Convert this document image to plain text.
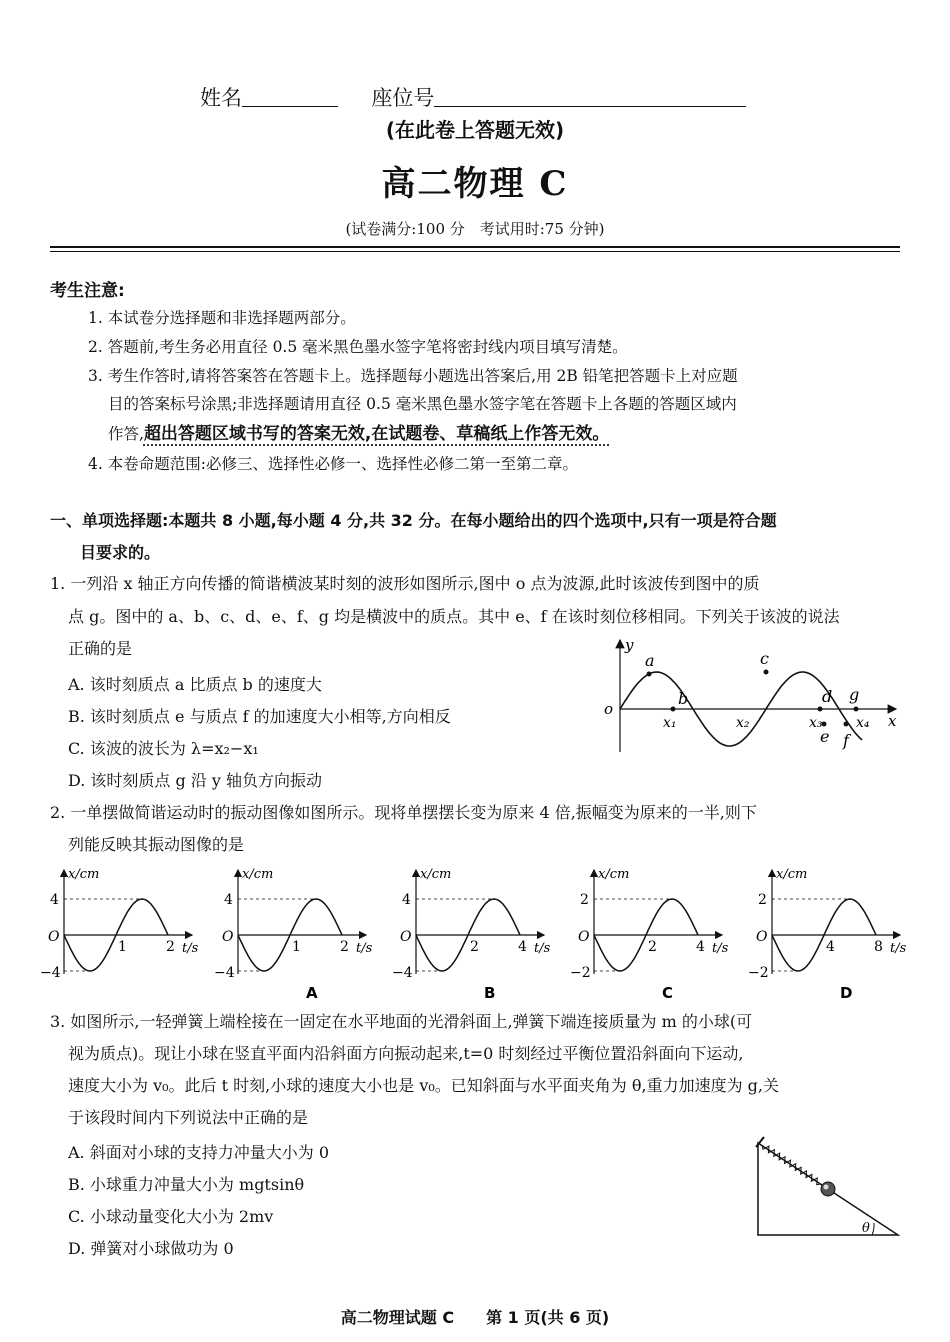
姓名	座位号
(在此卷上答题无效)
高二物理 C
(试卷满分:100 分　考试用时:75 分钟)
考生注意:
1. 本试卷分选择题和非选择题两部分。
2. 答题前,考生务必用直径 0.5 毫米黑色墨水签字笔将密封线内项目填写清楚。
3. 考生作答时,请将答案答在答题卡上。选择题每小题选出答案后,用 2B 铅笔把答题卡上对应题
目的答案标号涂黑;非选择题请用直径 0.5 毫米黑色墨水签字笔在答题卡上各题的答题区域内
作答,超出答题区域书写的答案无效,在试题卷、草稿纸上作答无效。
4. 本卷命题范围:必修三、选择性必修一、选择性必修二第一至第二章。
一、单项选择题:本题共 8 小题,每小题 4 分,共 32 分。在每小题给出的四个选项中,只有一项是符合题
目要求的。
1. 一列沿 x 轴正方向传播的简谐横波某时刻的波形如图所示,图中 o 点为波源,此时该波传到图中的质
点 g。图中的 a、b、c、d、e、f、g 均是横波中的质点。其中 e、f 在该时刻位移相同。下列关于该波的说法
正确的是
A. 该时刻质点 a 比质点 b 的速度大
B. 该时刻质点 e 与质点 f 的加速度大小相等,方向相反
C. 该波的波长为 λ=x₂−x₁
D. 该时刻质点 g 沿 y 轴负方向振动
y
x
o
a
b
c
d
e f
g
x₁	x₂	x₃ x₄
2. 一单摆做简谐运动时的振动图像如图所示。现将单摆摆长变为原来 4 倍,振幅变为原来的一半,则下
列能反映其振动图像的是
x/cm
4
−4
O
1	2 t/s
x/cm
4
−4
O
1	2 t/s
A
x/cm
4
−4
O
2	4 t/s
B
x/cm
2
−2
O
2	4 t/s
C
x/cm
2
−2
O
4	8 t/s
D
3. 如图所示,一轻弹簧上端栓接在一固定在水平地面的光滑斜面上,弹簧下端连接质量为 m 的小球(可
视为质点)。现让小球在竖直平面内沿斜面方向振动起来,t=0 时刻经过平衡位置沿斜面向下运动,
速度大小为 v₀。此后 t 时刻,小球的速度大小也是 v₀。已知斜面与水平面夹角为 θ,重力加速度为 g,关
于该段时间内下列说法中正确的是
A. 斜面对小球的支持力冲量大小为 0
B. 小球重力冲量大小为 mgtsinθ
C. 小球动量变化大小为 2mv
D. 弹簧对小球做功为 0
θ
高二物理试题 C　　第 1 页(共 6 页)
